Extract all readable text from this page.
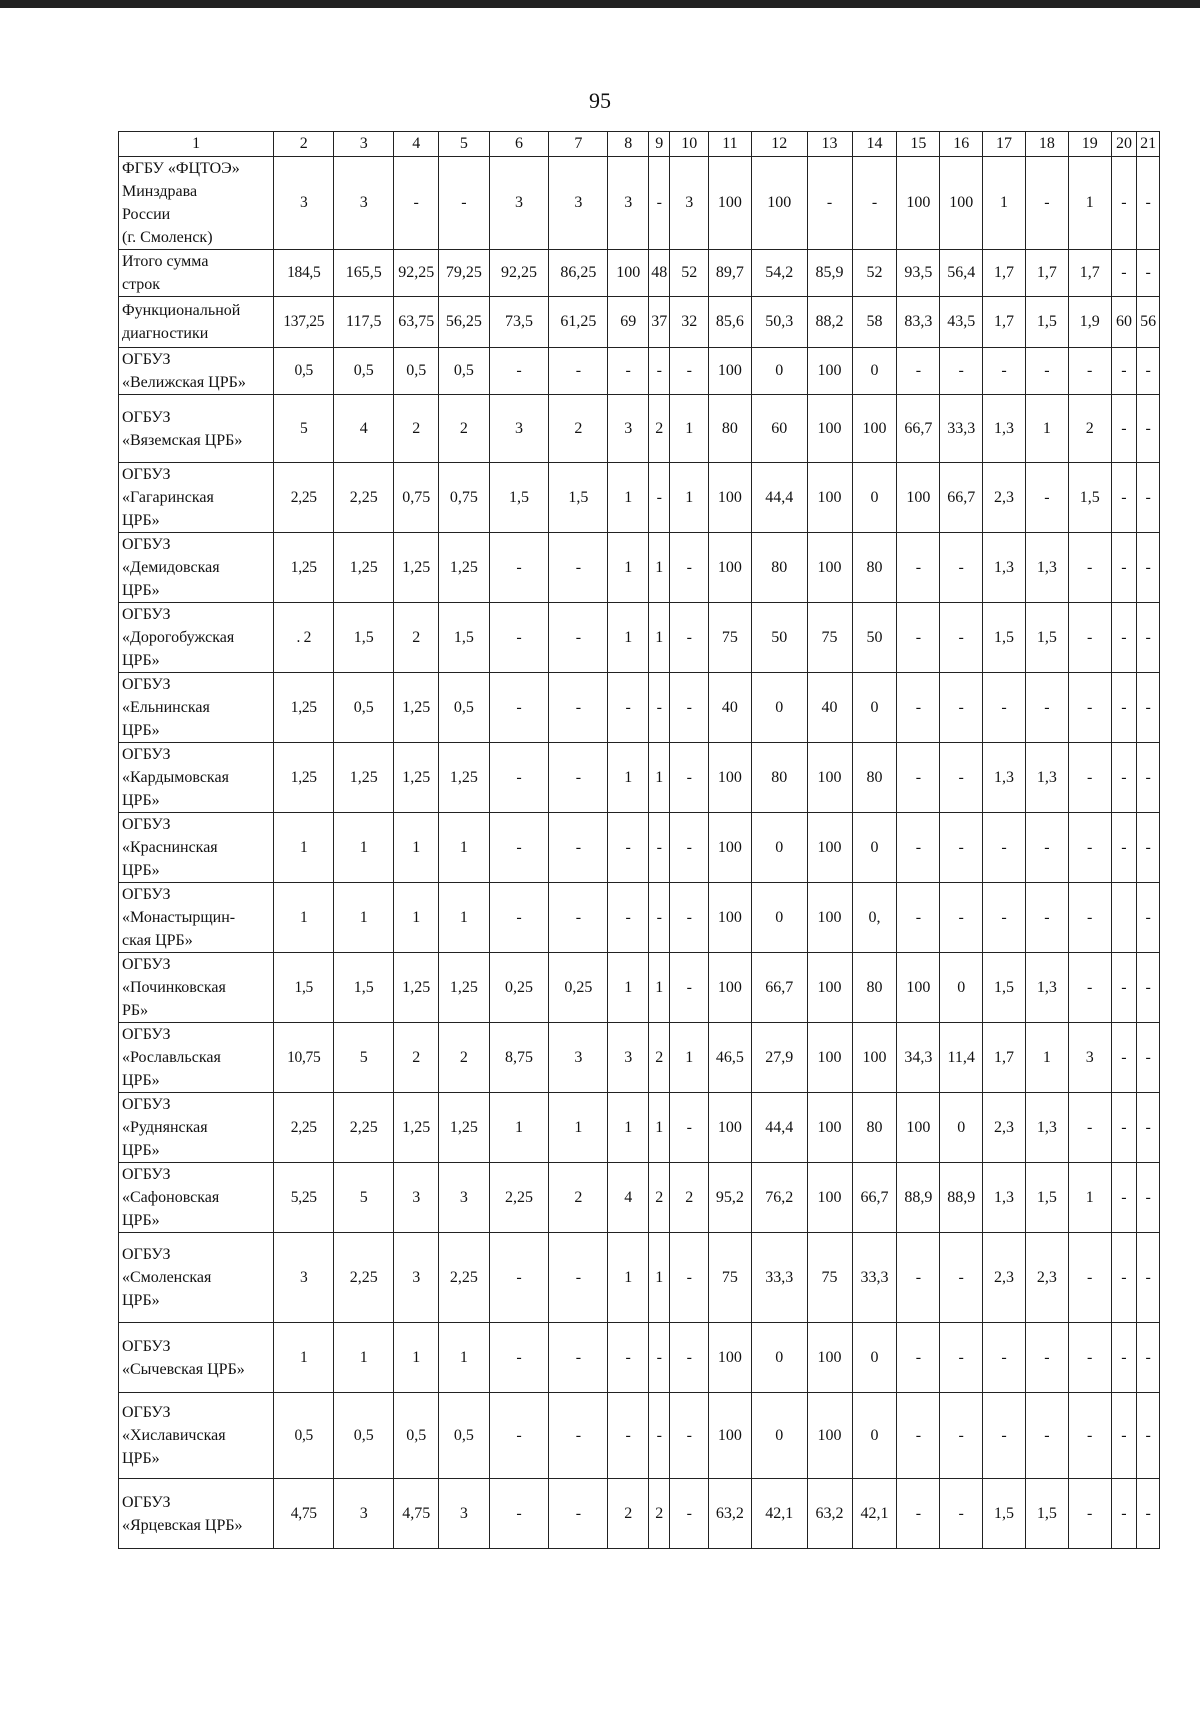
95
1	2	3	4	5	6	7	8	9	10	11	12	13	14	15	16	17	18	19	20	21
ФГБУ «ФЦТОЭ»
Минздрава
России
(г. Смоленск)	3	3	-	-	3	3	3	-	3	100	100	-	-	100	100	1	-	1	-	-
Итого сумма
строк	184,5	165,5	92,25	79,25	92,25	86,25	100	48	52	89,7	54,2	85,9	52	93,5	56,4	1,7	1,7	1,7	-	-
Функциональной
диагностики	137,25	117,5	63,75	56,25	73,5	61,25	69	37	32	85,6	50,3	88,2	58	83,3	43,5	1,7	1,5	1,9	60	56
ОГБУЗ
«Велижская ЦРБ»	0,5	0,5	0,5	0,5	-	-	-	-	-	100	0	100	0	-	-	-	-	-	-	-
ОГБУЗ
«Вяземская ЦРБ»	5	4	2	2	3	2	3	2	1	80	60	100	100	66,7	33,3	1,3	1	2	-	-
ОГБУЗ
«Гагаринская
ЦРБ»	2,25	2,25	0,75	0,75	1,5	1,5	1	-	1	100	44,4	100	0	100	66,7	2,3	-	1,5	-	-
ОГБУЗ
«Демидовская
ЦРБ»	1,25	1,25	1,25	1,25	-	-	1	1	-	100	80	100	80	-	-	1,3	1,3	-	-	-
ОГБУЗ
«Дорогобужская
ЦРБ»	. 2	1,5	2	1,5	-	-	1	1	-	75	50	75	50	-	-	1,5	1,5	-	-	-
ОГБУЗ
«Ельнинская
ЦРБ»	1,25	0,5	1,25	0,5	-	-	-	-	-	40	0	40	0	-	-	-	-	-	-	-
ОГБУЗ
«Кардымовская
ЦРБ»	1,25	1,25	1,25	1,25	-	-	1	1	-	100	80	100	80	-	-	1,3	1,3	-	-	-
ОГБУЗ
«Краснинская
ЦРБ»	1	1	1	1	-	-	-	-	-	100	0	100	0	-	-	-	-	-	-	-
ОГБУЗ
«Монастырщин-
ская ЦРБ»	1	1	1	1	-	-	-	-	-	100	0	100	0,	-	-	-	-	-		-
ОГБУЗ
«Починковская
РБ»	1,5	1,5	1,25	1,25	0,25	0,25	1	1	-	100	66,7	100	80	100	0	1,5	1,3	-	-	-
ОГБУЗ
«Рославльская
ЦРБ»	10,75	5	2	2	8,75	3	3	2	1	46,5	27,9	100	100	34,3	11,4	1,7	1	3	-	-
ОГБУЗ
«Руднянская
ЦРБ»	2,25	2,25	1,25	1,25	1	1	1	1	-	100	44,4	100	80	100	0	2,3	1,3	-	-	-
ОГБУЗ
«Сафоновская
ЦРБ»	5,25	5	3	3	2,25	2	4	2	2	95,2	76,2	100	66,7	88,9	88,9	1,3	1,5	1	-	-
ОГБУЗ
«Смоленская
ЦРБ»	3	2,25	3	2,25	-	-	1	1	-	75	33,3	75	33,3	-	-	2,3	2,3	-	-	-
ОГБУЗ
«Сычевская ЦРБ»	1	1	1	1	-	-	-	-	-	100	0	100	0	-	-	-	-	-	-	-
ОГБУЗ
«Хиславичская
ЦРБ»	0,5	0,5	0,5	0,5	-	-	-	-	-	100	0	100	0	-	-	-	-	-	-	-
ОГБУЗ
«Ярцевская ЦРБ»	4,75	3	4,75	3	-	-	2	2	-	63,2	42,1	63,2	42,1	-	-	1,5	1,5	-	-	-
